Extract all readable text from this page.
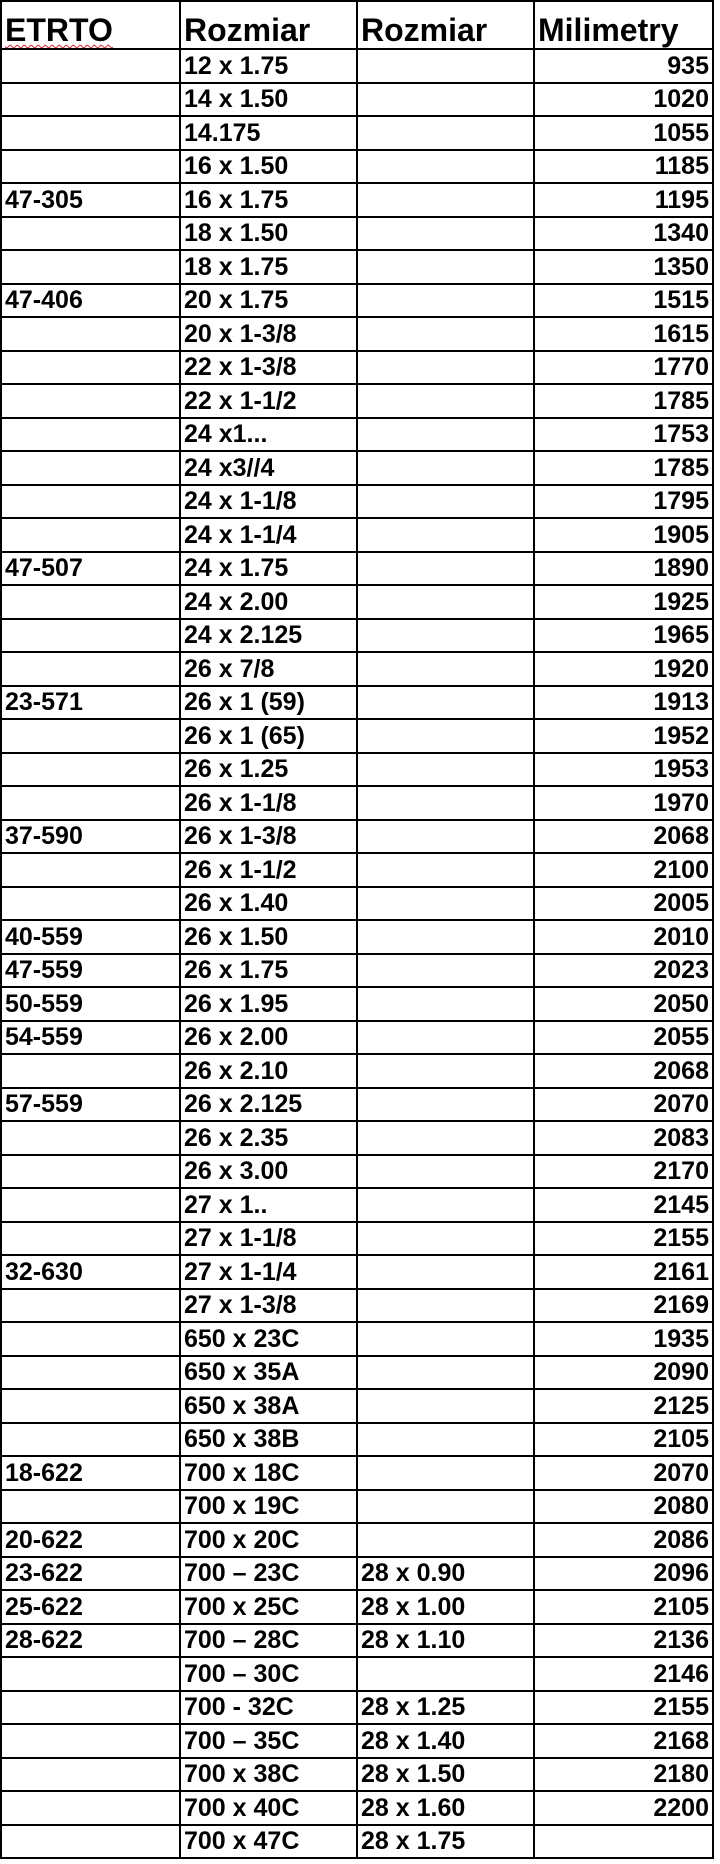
ETRTO	Rozmiar	Rozmiar	Milimetry
	12 x 1.75		935
	14 x 1.50		1020
	14.175		1055
	16 x 1.50		1185
47-305	16 x 1.75		1195
	18 x 1.50		1340
	18 x 1.75		1350
47-406	20 x 1.75		1515
	20 x 1-3/8		1615
	22 x 1-3/8		1770
	22 x 1-1/2		1785
	24 x1...		1753
	24 x3//4		1785
	24 x 1-1/8		1795
	24 x 1-1/4		1905
47-507	24 x 1.75		1890
	24 x 2.00		1925
	24 x 2.125		1965
	26 x 7/8		1920
23-571	26 x 1 (59)		1913
	26 x 1 (65)		1952
	26 x 1.25		1953
	26 x 1-1/8		1970
37-590	26 x 1-3/8		2068
	26 x 1-1/2		2100
	26 x 1.40		2005
40-559	26 x 1.50		2010
47-559	26 x 1.75		2023
50-559	26 x 1.95		2050
54-559	26 x 2.00		2055
	26 x 2.10		2068
57-559	26 x 2.125		2070
	26 x 2.35		2083
	26 x 3.00		2170
	27 x 1..		2145
	27 x 1-1/8		2155
32-630	27 x 1-1/4		2161
	27 x 1-3/8		2169
	650 x 23C		1935
	650 x 35A		2090
	650 x 38A		2125
	650 x 38B		2105
18-622	700 x 18C		2070
	700 x 19C		2080
20-622	700 x 20C		2086
23-622	700 – 23C	28 x 0.90	2096
25-622	700 x 25C	28 x 1.00	2105
28-622	700 – 28C	28 x 1.10	2136
	700 – 30C		2146
	700 - 32C	28 x 1.25	2155
	700 – 35C	28 x 1.40	2168
	700 x 38C	28 x 1.50	2180
	700 x 40C	28 x 1.60	2200
	700 x 47C	28 x 1.75	
